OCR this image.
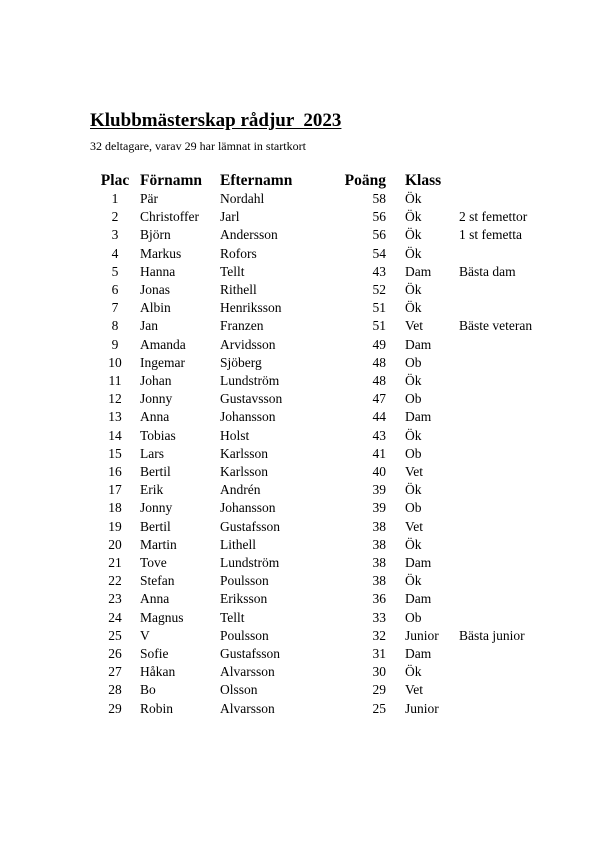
Klubbmästerskap rådjur  2023

32 deltagare, varav 29 har lämnat in startkort

Plac	Förnamn	Efternamn	Poäng	Klass	
1	Pär	Nordahl	58	Ök	
2	Christoffer	Jarl	56	Ök	2 st femettor
3	Björn	Andersson	56	Ök	1 st femetta
4	Markus	Rofors	54	Ök	
5	Hanna	Tellt	43	Dam	Bästa dam
6	Jonas	Rithell	52	Ök	
7	Albin	Henriksson	51	Ök	
8	Jan	Franzen	51	Vet	Bäste veteran
9	Amanda	Arvidsson	49	Dam	
10	Ingemar	Sjöberg	48	Ob	
11	Johan	Lundström	48	Ök	
12	Jonny	Gustavsson	47	Ob	
13	Anna	Johansson	44	Dam	
14	Tobias	Holst	43	Ök	
15	Lars	Karlsson	41	Ob	
16	Bertil	Karlsson	40	Vet	
17	Erik	Andrén	39	Ök	
18	Jonny	Johansson	39	Ob	
19	Bertil	Gustafsson	38	Vet	
20	Martin	Lithell	38	Ök	
21	Tove	Lundström	38	Dam	
22	Stefan	Poulsson	38	Ök	
23	Anna	Eriksson	36	Dam	
24	Magnus	Tellt	33	Ob	
25	V	Poulsson	32	Junior	Bästa junior
26	Sofie	Gustafsson	31	Dam	
27	Håkan	Alvarsson	30	Ök	
28	Bo	Olsson	29	Vet	
29	Robin	Alvarsson	25	Junior	
